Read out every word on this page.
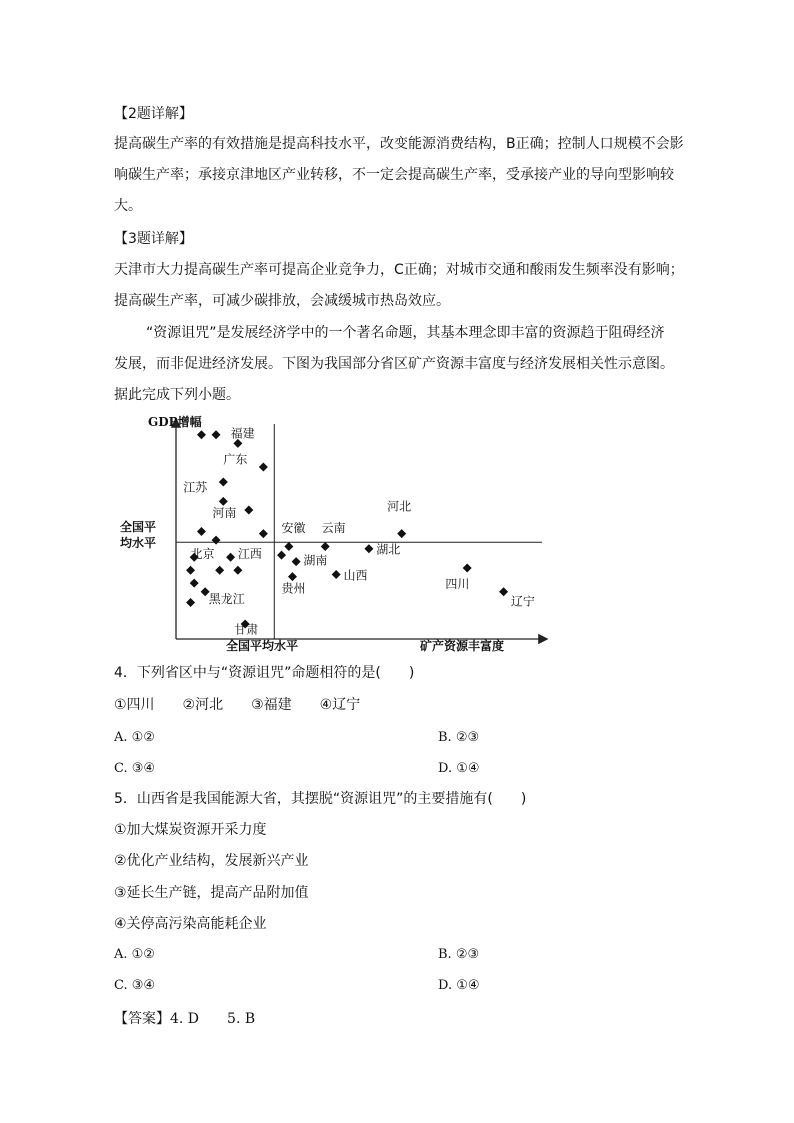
【2题详解】
提高碳生产率的有效措施是提高科技水平，改变能源消费结构，B正确；控制人口规模不会影
响碳生产率；承接京津地区产业转移，不一定会提高碳生产率，受承接产业的导向型影响较
大。
【3题详解】
天津市大力提高碳生产率可提高企业竞争力，C正确；对城市交通和酸雨发生频率没有影响；
提高碳生产率，可减少碳排放，会减缓城市热岛效应。
“资源诅咒”是发展经济学中的一个著名命题，其基本理念即丰富的资源趋于阻碍经济
发展，而非促进经济发展。下图为我国部分省区矿产资源丰富度与经济发展相关性示意图。
据此完成下列小题。
GDP增幅
矿产资源丰富度
全国平
均水平
全国平均水平
福建
广东
江苏
河南
北京 江西
黑龙江
甘肃
安徽 云南
河北
湖南
湖北
贵州
山西
四川
辽宁
4．下列省区中与“资源诅咒”命题相符的是(　　)
①四川　　②河北　　③福建　　④辽宁
A. ①②	B. ②③
C. ③④	D. ①④
5．山西省是我国能源大省，其摆脱“资源诅咒”的主要措施有(　　)
①加大煤炭资源开采力度
②优化产业结构，发展新兴产业
③延长生产链，提高产品附加值
④关停高污染高能耗企业
A. ①②	B. ②③
C. ③④	D. ①④
【答案】4. D　　5. B
